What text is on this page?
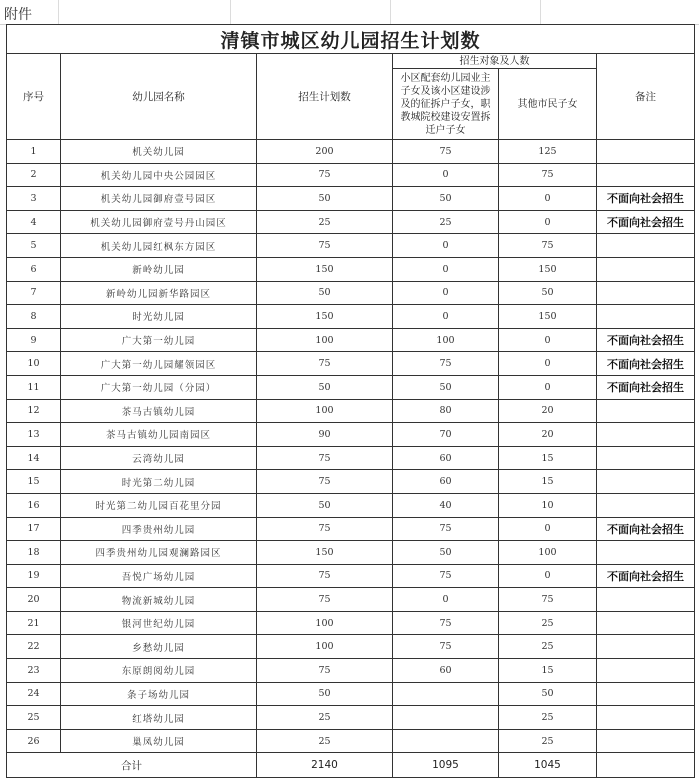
附件
清镇市城区幼儿园招生计划数					
序号	幼儿园名称	招生计划数	招生对象及人数		备注
			小区配套幼儿园业主子女及该小区建设涉及的征拆户子女，职教城院校建设安置拆迁户子女	其他市民子女	
1	机关幼儿园	200	75	125	
2	机关幼儿园中央公园园区	75	0	75	
3	机关幼儿园御府壹号园区	50	50	0	不面向社会招生
4	机关幼儿园御府壹号丹山园区	25	25	0	不面向社会招生
5	机关幼儿园红枫东方园区	75	0	75	
6	新岭幼儿园	150	0	150	
7	新岭幼儿园新华路园区	50	0	50	
8	时光幼儿园	150	0	150	
9	广大第一幼儿园	100	100	0	不面向社会招生
10	广大第一幼儿园耀领园区	75	75	0	不面向社会招生
11	广大第一幼儿园（分园）	50	50	0	不面向社会招生
12	茶马古镇幼儿园	100	80	20	
13	茶马古镇幼儿园南园区	90	70	20	
14	云湾幼儿园	75	60	15	
15	时光第二幼儿园	75	60	15	
16	时光第二幼儿园百花里分园	50	40	10	
17	四季贵州幼儿园	75	75	0	不面向社会招生
18	四季贵州幼儿园观澜路园区	150	50	100	
19	吾悦广场幼儿园	75	75	0	不面向社会招生
20	物流新城幼儿园	75	0	75	
21	银河世纪幼儿园	100	75	25	
22	乡愁幼儿园	100	75	25	
23	东原朗阅幼儿园	75	60	15	
24	条子场幼儿园	50		50	
25	红塔幼儿园	25		25	
26	巢凤幼儿园	25		25	
合计		2140	1095	1045	
